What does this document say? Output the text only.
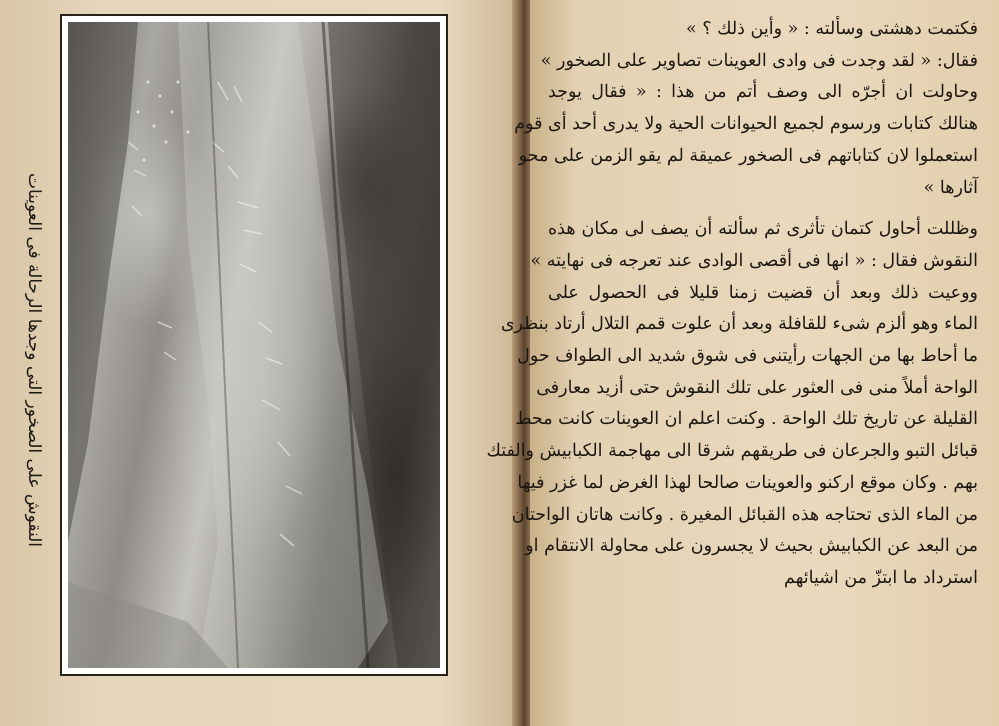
النقوش على الصخور التى وجدها الرحالة فى العوينات
فكتمت دهشتى وسألته : « وأين ذلك ؟ »
فقال: « لقد وجدت فى وادى العوينات تصاوير على الصخور »
وحاولت ان أجرّه الى وصف أتم من هذا : « فقال يوجد
هنالك كتابات ورسوم لجميع الحيوانات الحية ولا يدرى أحد أى قوم
استعملوا لان كتاباتهم فى الصخور عميقة لم يقو الزمن على محو
آثارها »
وظللت أحاول كتمان تأثرى ثم سألته أن يصف لى مكان هذه
النقوش فقال : « انها فى أقصى الوادى عند تعرجه فى نهايته »
ووعيت ذلك وبعد أن قضيت زمنا قليلا فى الحصول على
الماء وهو ألزم شىء للقافلة وبعد أن علوت قمم التلال أرتاد بنظرى
ما أحاط بها من الجهات رأيتنى فى شوق شديد الى الطواف حول
الواحة أملاً منى فى العثور على تلك النقوش حتى أزيد معارفى
القليلة عن تاريخ تلك الواحة . وكنت اعلم ان العوينات كانت محط
قبائل التبو والجرعان فى طريقهم شرقا الى مهاجمة الكبابيش والفتك
بهم . وكان موقع اركنو والعوينات صالحا لهذا الغرض لما غزر فيها
من الماء الذى تحتاجه هذه القبائل المغيرة . وكانت هاتان الواحتان
من البعد عن الكبابيش بحيث لا يجسرون على محاولة الانتقام او
استرداد ما ابتزّ من اشيائهم
